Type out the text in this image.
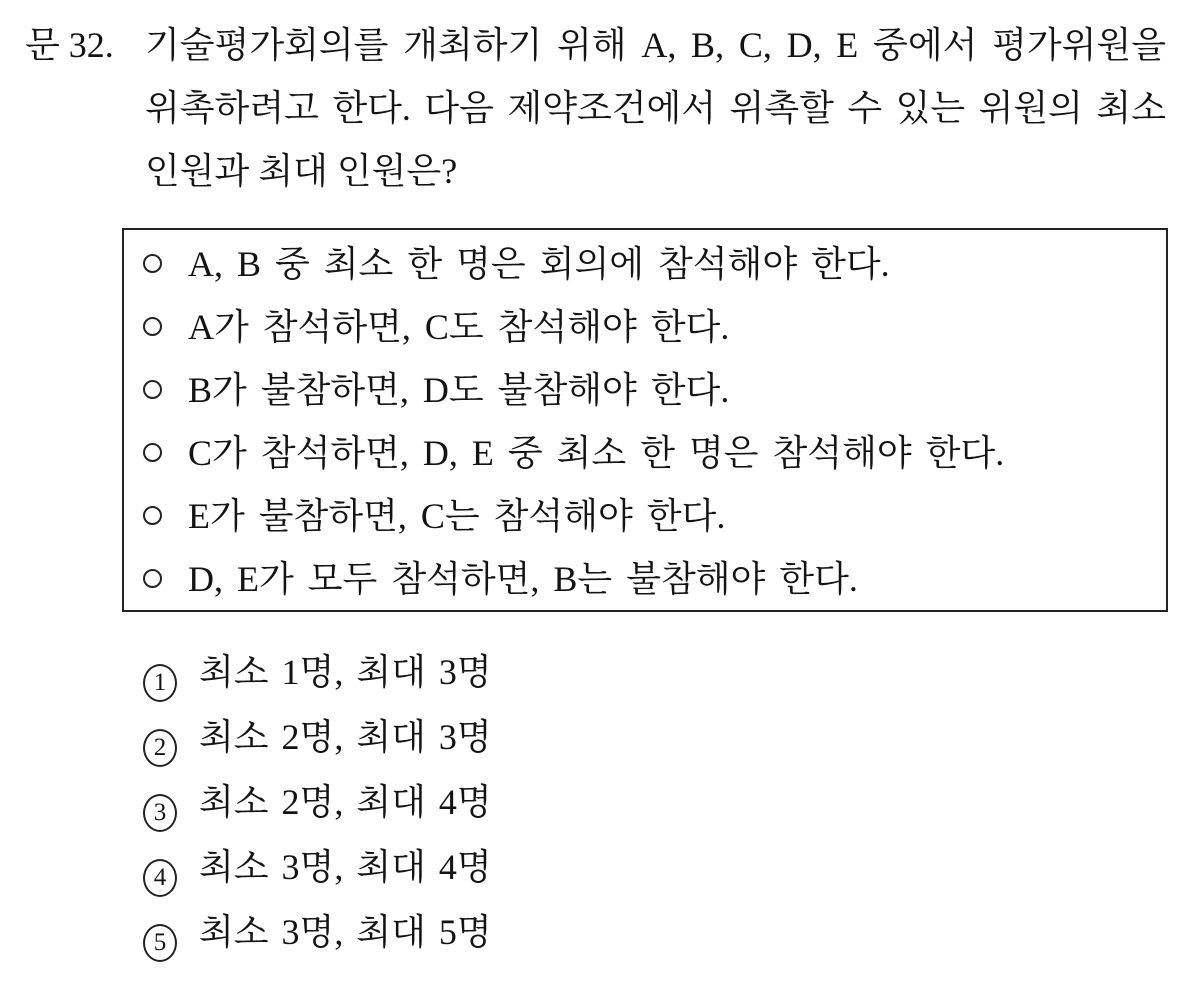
문 32. 기술평가회의를 개최하기 위해 A, B, C, D, E 중에서 평가위원을
위촉하려고 한다. 다음 제약조건에서 위촉할 수 있는 위원의 최소
인원과 최대 인원은?
A, B 중 최소 한 명은 회의에 참석해야 한다.
A가 참석하면, C도 참석해야 한다.
B가 불참하면, D도 불참해야 한다.
C가 참석하면, D, E 중 최소 한 명은 참석해야 한다.
E가 불참하면, C는 참석해야 한다.
D, E가 모두 참석하면, B는 불참해야 한다.
1 최소 1명, 최대 3명
2 최소 2명, 최대 3명
3 최소 2명, 최대 4명
4 최소 3명, 최대 4명
5 최소 3명, 최대 5명
